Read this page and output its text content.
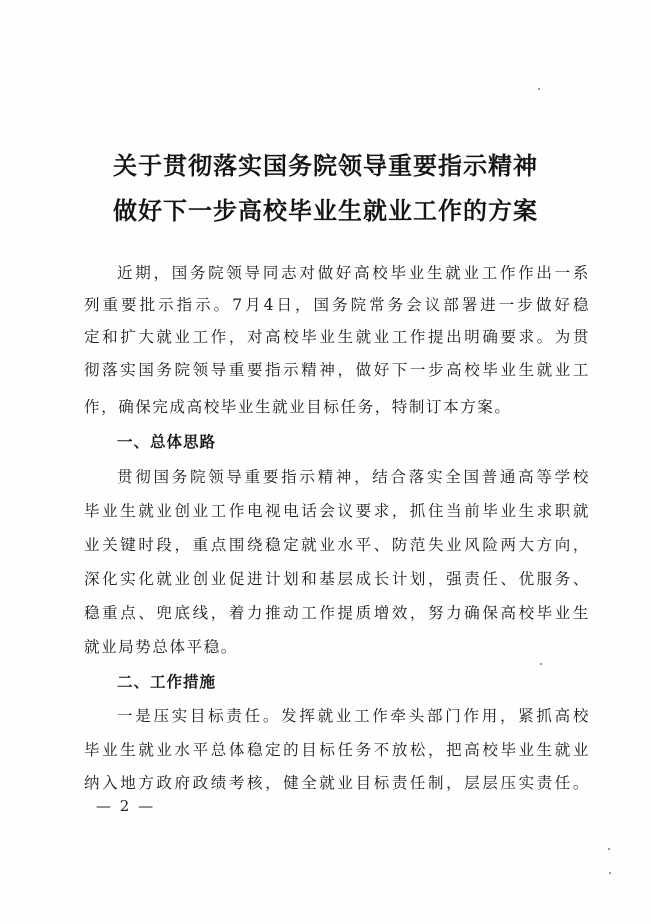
关于贯彻落实国务院领导重要指示精神
做好下一步高校毕业生就业工作的方案

近期，国务院领导同志对做好高校毕业生就业工作作出一系

列重要批示指示。7月4日，国务院常务会议部署进一步做好稳

定和扩大就业工作，对高校毕业生就业工作提出明确要求。为贯

彻落实国务院领导重要指示精神，做好下一步高校毕业生就业工

作，确保完成高校毕业生就业目标任务，特制订本方案。

一、总体思路

贯彻国务院领导重要指示精神，结合落实全国普通高等学校

毕业生就业创业工作电视电话会议要求，抓住当前毕业生求职就

业关键时段，重点围绕稳定就业水平、防范失业风险两大方向，

深化实化就业创业促进计划和基层成长计划，强责任、优服务、

稳重点、兜底线，着力推动工作提质增效，努力确保高校毕业生

就业局势总体平稳。

二、工作措施

一是压实目标责任。发挥就业工作牵头部门作用，紧抓高校

毕业生就业水平总体稳定的目标任务不放松，把高校毕业生就业

纳入地方政府政绩考核，健全就业目标责任制，层层压实责任。

— 2 —
